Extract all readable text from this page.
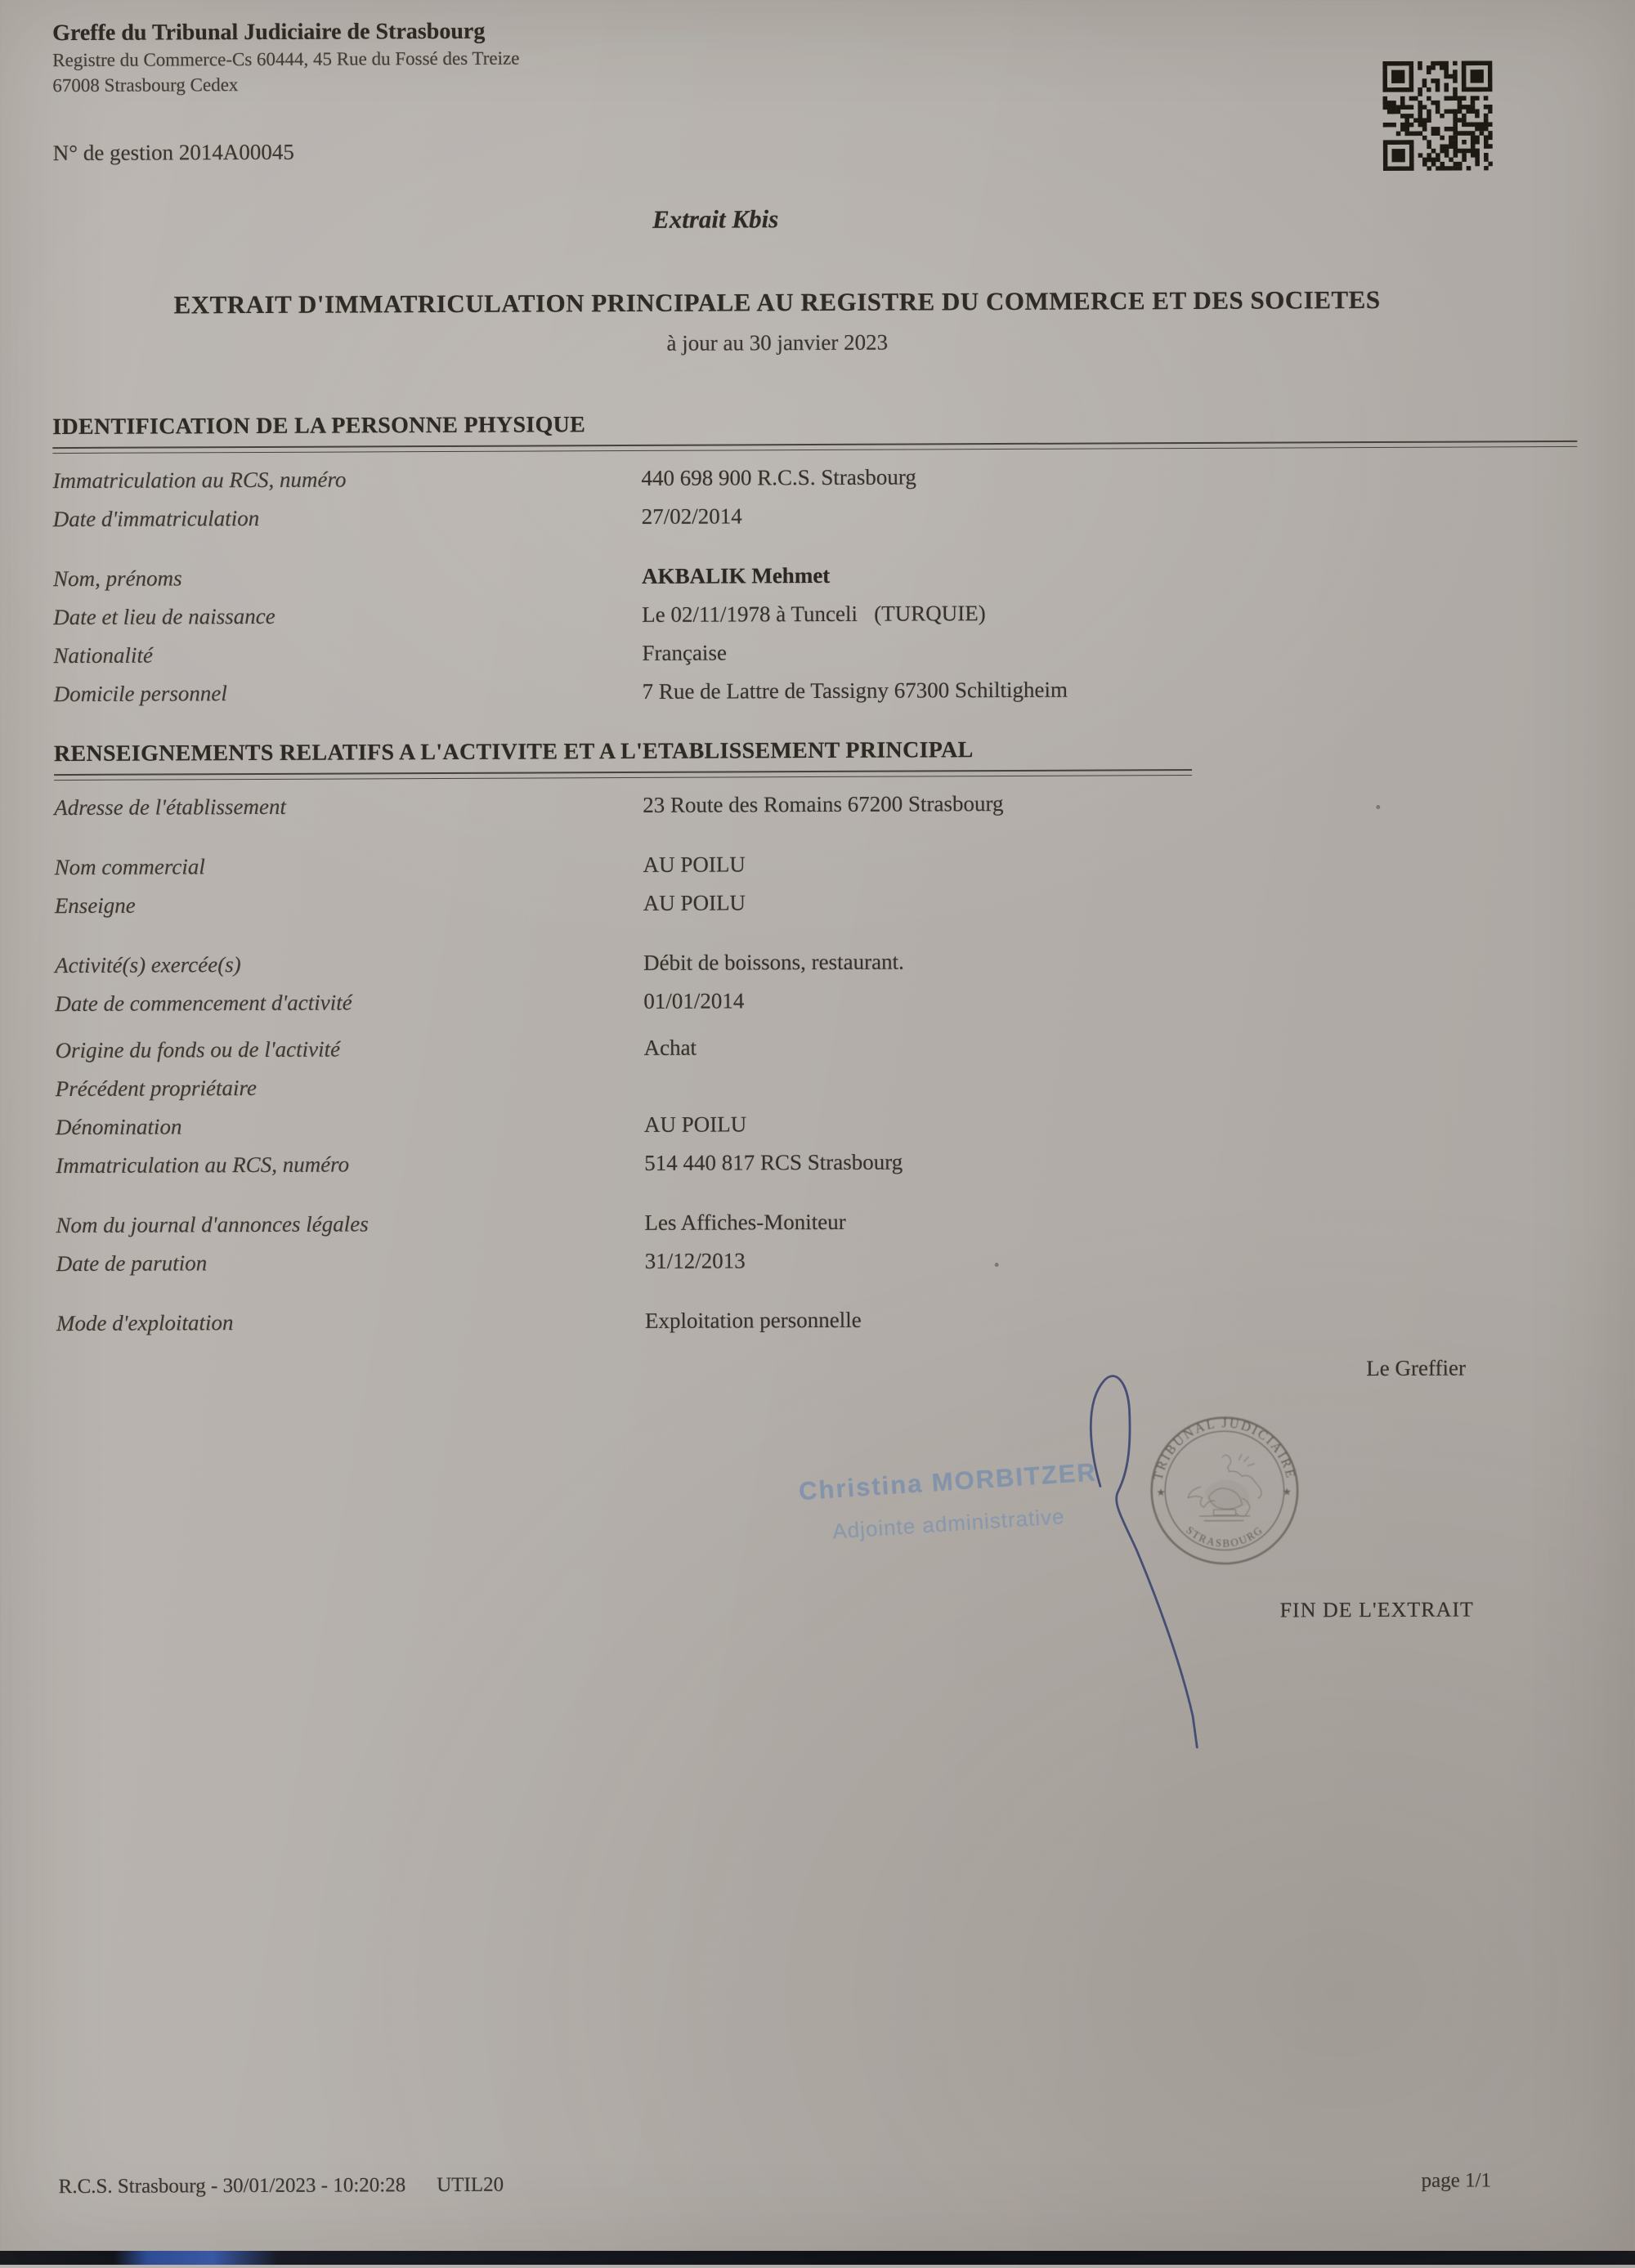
Greffe du Tribunal Judiciaire de Strasbourg
Registre du Commerce-Cs 60444, 45 Rue du Fossé des Treize
67008 Strasbourg Cedex
N° de gestion 2014A00045
Extrait Kbis
EXTRAIT D'IMMATRICULATION PRINCIPALE AU REGISTRE DU COMMERCE ET DES SOCIETES
à jour au 30 janvier 2023
IDENTIFICATION DE LA PERSONNE PHYSIQUE
Immatriculation au RCS, numéro	440 698 900 R.C.S. Strasbourg
Date d'immatriculation	27/02/2014
Nom, prénoms	AKBALIK Mehmet
Date et lieu de naissance	Le 02/11/1978 à Tunceli   (TURQUIE)
Nationalité	Française
Domicile personnel	7 Rue de Lattre de Tassigny 67300 Schiltigheim
RENSEIGNEMENTS RELATIFS A L'ACTIVITE ET A L'ETABLISSEMENT PRINCIPAL
Adresse de l'établissement	23 Route des Romains 67200 Strasbourg
Nom commercial	AU POILU
Enseigne	AU POILU
Activité(s) exercée(s)	Débit de boissons, restaurant.
Date de commencement d'activité	01/01/2014
Origine du fonds ou de l'activité	Achat
Précédent propriétaire
Dénomination	AU POILU
Immatriculation au RCS, numéro	514 440 817 RCS Strasbourg
Nom du journal d'annonces légales	Les Affiches-Moniteur
Date de parution	31/12/2013
Mode d'exploitation	Exploitation personnelle
Le Greffier
Christina MORBITZER
Adjointe administrative
TRIBUNAL JUDICIAIRE
STRASBOURG
★	★
FIN DE L'EXTRAIT
R.C.S. Strasbourg - 30/01/2023 - 10:20:28 UTIL20	page 1/1
